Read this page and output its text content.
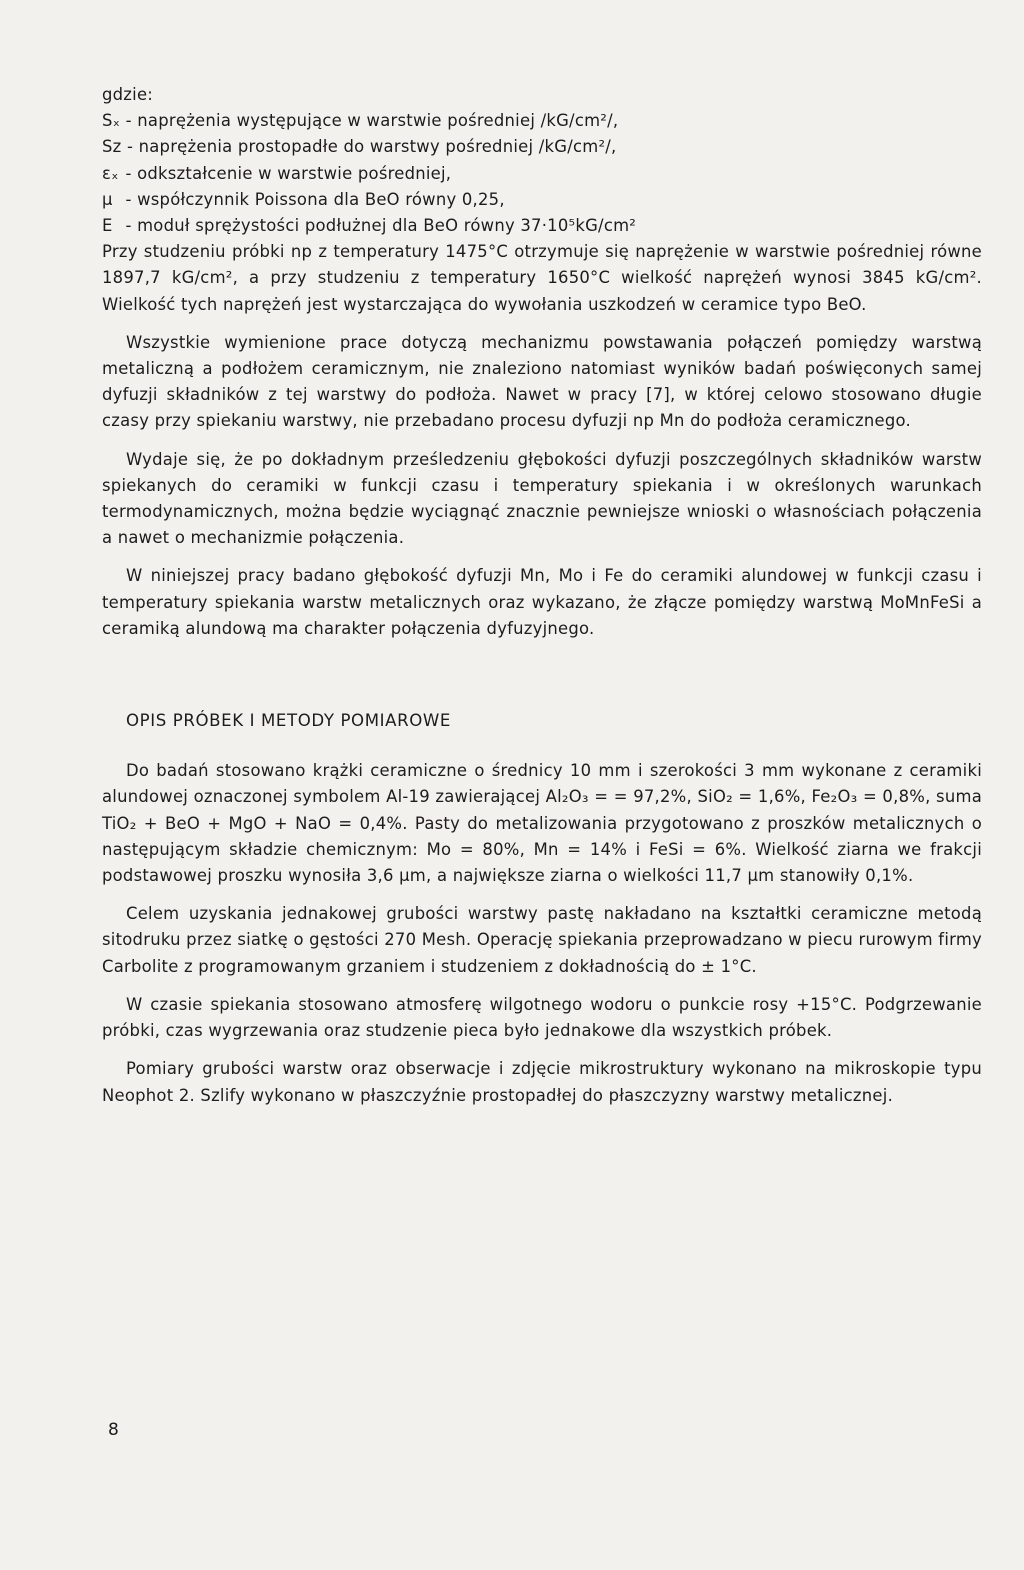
gdzie:
Sₓ - naprężenia występujące w warstwie pośredniej /kG/cm²/,
Sz - naprężenia prostopadłe do warstwy pośredniej /kG/cm²/,
εₓ - odkształcenie w warstwie pośredniej,
μ - współczynnik Poissona dla BeO równy 0,25,
E - moduł sprężystości podłużnej dla BeO równy 37·10⁵kG/cm²

Przy studzeniu próbki np z temperatury 1475°C otrzymuje się naprężenie w warstwie pośredniej równe 1897,7 kG/cm², a przy studzeniu z temperatury 1650°C wielkość naprężeń wynosi 3845 kG/cm². Wielkość tych naprężeń jest wystarczająca do wywołania uszkodzeń w ceramice typo BeO.

Wszystkie wymienione prace dotyczą mechanizmu powstawania połączeń pomiędzy warstwą metaliczną a podłożem ceramicznym, nie znaleziono natomiast wyników badań poświęconych samej dyfuzji składników z tej warstwy do podłoża. Nawet w pracy [7], w której celowo stosowano długie czasy przy spiekaniu warstwy, nie przebadano procesu dyfuzji np Mn do podłoża ceramicznego.

Wydaje się, że po dokładnym prześledzeniu głębokości dyfuzji poszczególnych składników warstw spiekanych do ceramiki w funkcji czasu i temperatury spiekania i w określonych warunkach termodynamicznych, można będzie wyciągnąć znacznie pewniejsze wnioski o własnościach połączenia a nawet o mechanizmie połączenia.

W niniejszej pracy badano głębokość dyfuzji Mn, Mo i Fe do ceramiki alundowej w funkcji czasu i temperatury spiekania warstw metalicznych oraz wykazano, że złącze pomiędzy warstwą MoMnFeSi a ceramiką alundową ma charakter połączenia dyfuzyjnego.

OPIS PRÓBEK I METODY POMIAROWE

Do badań stosowano krążki ceramiczne o średnicy 10 mm i szerokości 3 mm wykonane z ceramiki alundowej oznaczonej symbolem Al-19 zawierającej Al₂O₃ = = 97,2%, SiO₂ = 1,6%, Fe₂O₃ = 0,8%, suma TiO₂ + BeO + MgO + NaO = 0,4%. Pasty do metalizowania przygotowano z proszków metalicznych o następującym składzie chemicznym: Mo = 80%, Mn = 14% i FeSi = 6%. Wielkość ziarna we frakcji podstawowej proszku wynosiła 3,6 μm, a największe ziarna o wielkości 11,7 μm stanowiły 0,1%.

Celem uzyskania jednakowej grubości warstwy pastę nakładano na kształtki ceramiczne metodą sitodruku przez siatkę o gęstości 270 Mesh. Operację spiekania przeprowadzano w piecu rurowym firmy Carbolite z programowanym grzaniem i studzeniem z dokładnością do ± 1°C.

W czasie spiekania stosowano atmosferę wilgotnego wodoru o punkcie rosy +15°C. Podgrzewanie próbki, czas wygrzewania oraz studzenie pieca było jednakowe dla wszystkich próbek.

Pomiary grubości warstw oraz obserwacje i zdjęcie mikrostruktury wykonano na mikroskopie typu Neophot 2. Szlify wykonano w płaszczyźnie prostopadłej do płaszczyzny warstwy metalicznej.

8
